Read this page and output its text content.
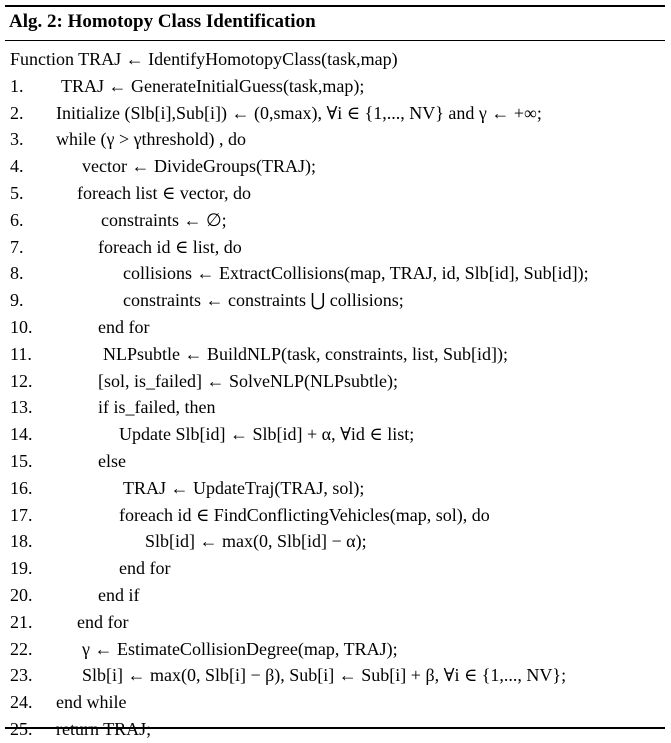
Alg. 2: Homotopy Class Identification
Function TRAJ ← IdentifyHomotopyClass(task,map)
1. TRAJ ← GenerateInitialGuess(task,map);
2. Initialize (Slb[i],Sub[i]) ← (0,smax), ∀i ∈ {1,..., NV} and γ ← +∞;
3. while (γ > γthreshold) , do
4.	vector ← DivideGroups(TRAJ);
5.	foreach list ∈ vector, do
6.	constraints ← ∅;
7.	foreach id ∈ list, do
8.	collisions ← ExtractCollisions(map, TRAJ, id, Slb[id], Sub[id]);
9.	constraints ← constraints ⋃ collisions;
10.	end for
11.	NLPsubtle ← BuildNLP(task, constraints, list, Sub[id]);
12.	[sol, is_failed] ← SolveNLP(NLPsubtle);
13.	if is_failed, then
14.	Update Slb[id] ← Slb[id] + α, ∀id ∈ list;
15.	else
16.	TRAJ ← UpdateTraj(TRAJ, sol);
17.	foreach id ∈ FindConflictingVehicles(map, sol), do
18.	Slb[id] ← max(0, Slb[id] − α);
19.	end for
20.	end if
21. end for
22.	γ ← EstimateCollisionDegree(map, TRAJ);
23.	Slb[i] ← max(0, Slb[i] − β), Sub[i] ← Sub[i] + β, ∀i ∈ {1,..., NV};
24. end while
25. return TRAJ;
